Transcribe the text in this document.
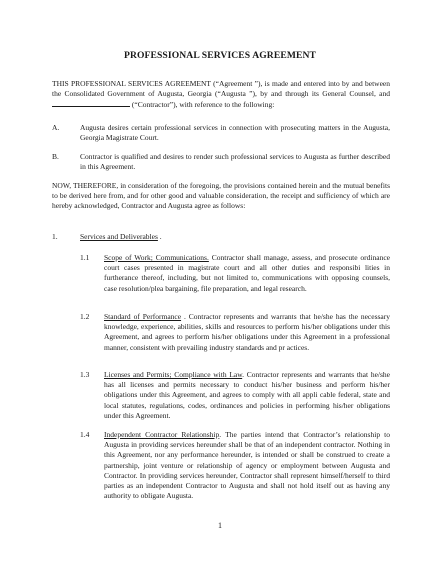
PROFESSIONAL SERVICES AGREEMENT
THIS PROFESSIONAL SERVICES AGREEMENT (“Agreement ”), is made and entered into by and between the Consolidated Government of Augusta, Georgia (“Augusta ”), by and through its General Counsel, and  (“Contractor”), with reference to the following:
A.	Augusta desires certain professional services in connection with prosecuting matters in the Augusta, Georgia Magistrate Court.
B.	Contractor is qualified and desires to render such professional services to Augusta as further described in this Agreement.
NOW, THEREFORE, in consideration of the foregoing, the provisions contained herein and the mutual benefits to be derived here from, and for other good and valuable consideration, the receipt and sufficiency of which are hereby acknowledged, Contractor and Augusta agree as follows:
1.	Services and Deliverables .
1.1 Scope of Work; Communications. Contractor shall manage, assess, and prosecute ordinance court cases presented in magistrate court and all other duties and responsibi lities in furtherance thereof, including, but not limited to, communications with opposing counsels, case resolution/plea bargaining, file preparation, and legal research.
1.2 Standard of Performance . Contractor represents and warrants that he/she has the necessary knowledge, experience, abilities, skills and resources to perform his/her obligations under this Agreement, and agrees to perform his/her obligations under this Agreement in a professional manner, consistent with prevailing industry standards and pr actices.
1.3 Licenses and Permits; Compliance with Law. Contractor represents and warrants that he/she has all licenses and permits necessary to conduct his/her business and perform his/her obligations under this Agreement, and agrees to comply with all appli cable federal, state and local statutes, regulations, codes, ordinances and policies in performing his/her obligations under this Agreement.
1.4 Independent Contractor Relationship. The parties intend that Contractor’s relationship to Augusta in providing services hereunder shall be that of an independent contractor. Nothing in this Agreement, nor any performance hereunder, is intended or shall be construed to create a partnership, joint venture or relationship of agency or employment between Augusta and Contractor. In providing services hereunder, Contractor shall represent himself/herself to third parties as an independent Contractor to Augusta and shall not hold itself out as having any authority to obligate Augusta.
1
